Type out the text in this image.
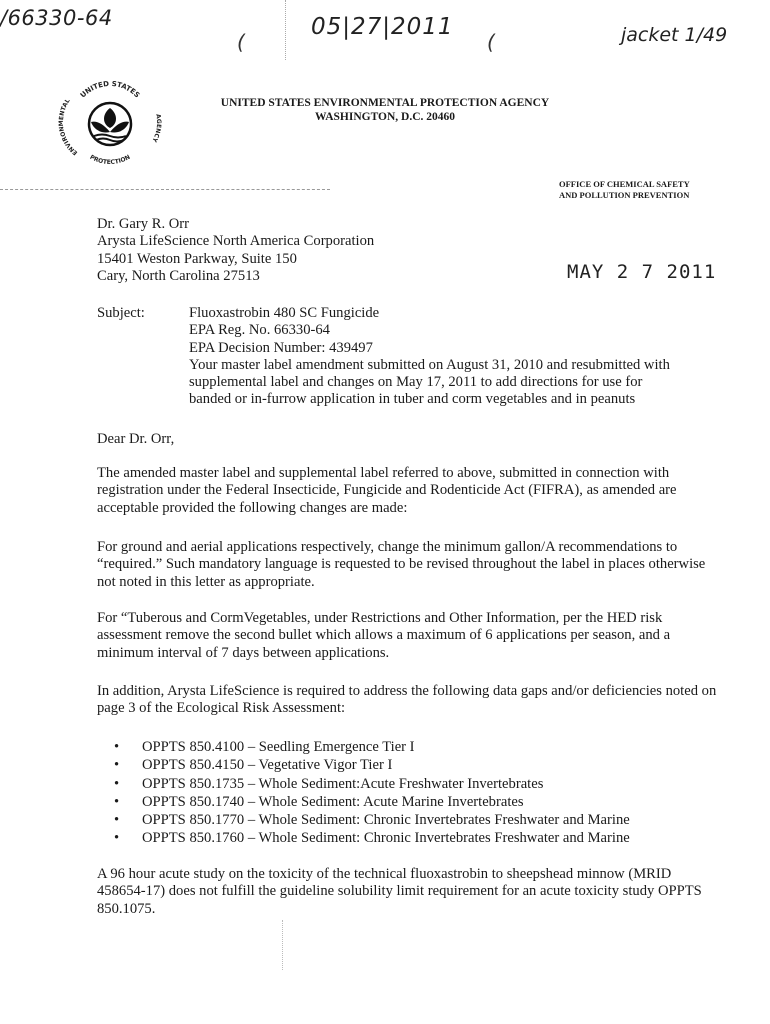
/66330-64
(
05|27|2011
(	jacket 1/49
UNITED STATES
ENVIRONMENTAL
AGENCY
PROTECTION
UNITED STATES ENVIRONMENTAL PROTECTION AGENCY
WASHINGTON, D.C. 20460
OFFICE OF CHEMICAL SAFETY
AND POLLUTION PREVENTION
Dr. Gary R. Orr
Arysta LifeScience North America Corporation
15401 Weston Parkway, Suite 150
Cary, North Carolina 27513	MAY 2 7 2011
Subject:	Fluoxastrobin 480 SC Fungicide
EPA Reg. No. 66330-64
EPA Decision Number: 439497
Your master label amendment submitted on August 31, 2010 and resubmitted with
supplemental label and changes on May 17, 2011 to add directions for use for
banded or in-furrow application in tuber and corm vegetables and in peanuts
Dear Dr. Orr,
The amended master label and supplemental label referred to above, submitted in connection with registration under the Federal Insecticide, Fungicide and Rodenticide Act (FIFRA), as amended are acceptable provided the following changes are made:
For ground and aerial applications respectively, change the minimum gallon/A recommendations to “required.” Such mandatory language is requested to be revised throughout the label in places otherwise not noted in this letter as appropriate.
For “Tuberous and CormVegetables, under Restrictions and Other Information, per the HED risk assessment remove the second bullet which allows a maximum of 6 applications per season, and a minimum interval of 7 days between applications.
In addition, Arysta LifeScience is required to address the following data gaps and/or deficiencies noted on page 3 of the Ecological Risk Assessment:
• OPPTS 850.4100 – Seedling Emergence Tier I
• OPPTS 850.4150 – Vegetative Vigor Tier I
• OPPTS 850.1735 – Whole Sediment:Acute Freshwater Invertebrates
• OPPTS 850.1740 – Whole Sediment: Acute Marine Invertebrates
• OPPTS 850.1770 – Whole Sediment: Chronic Invertebrates Freshwater and Marine
• OPPTS 850.1760 – Whole Sediment: Chronic Invertebrates Freshwater and Marine
A 96 hour acute study on the toxicity of the technical fluoxastrobin to sheepshead minnow (MRID 458654-17) does not fulfill the guideline solubility limit requirement for an acute toxicity study OPPTS 850.1075.
